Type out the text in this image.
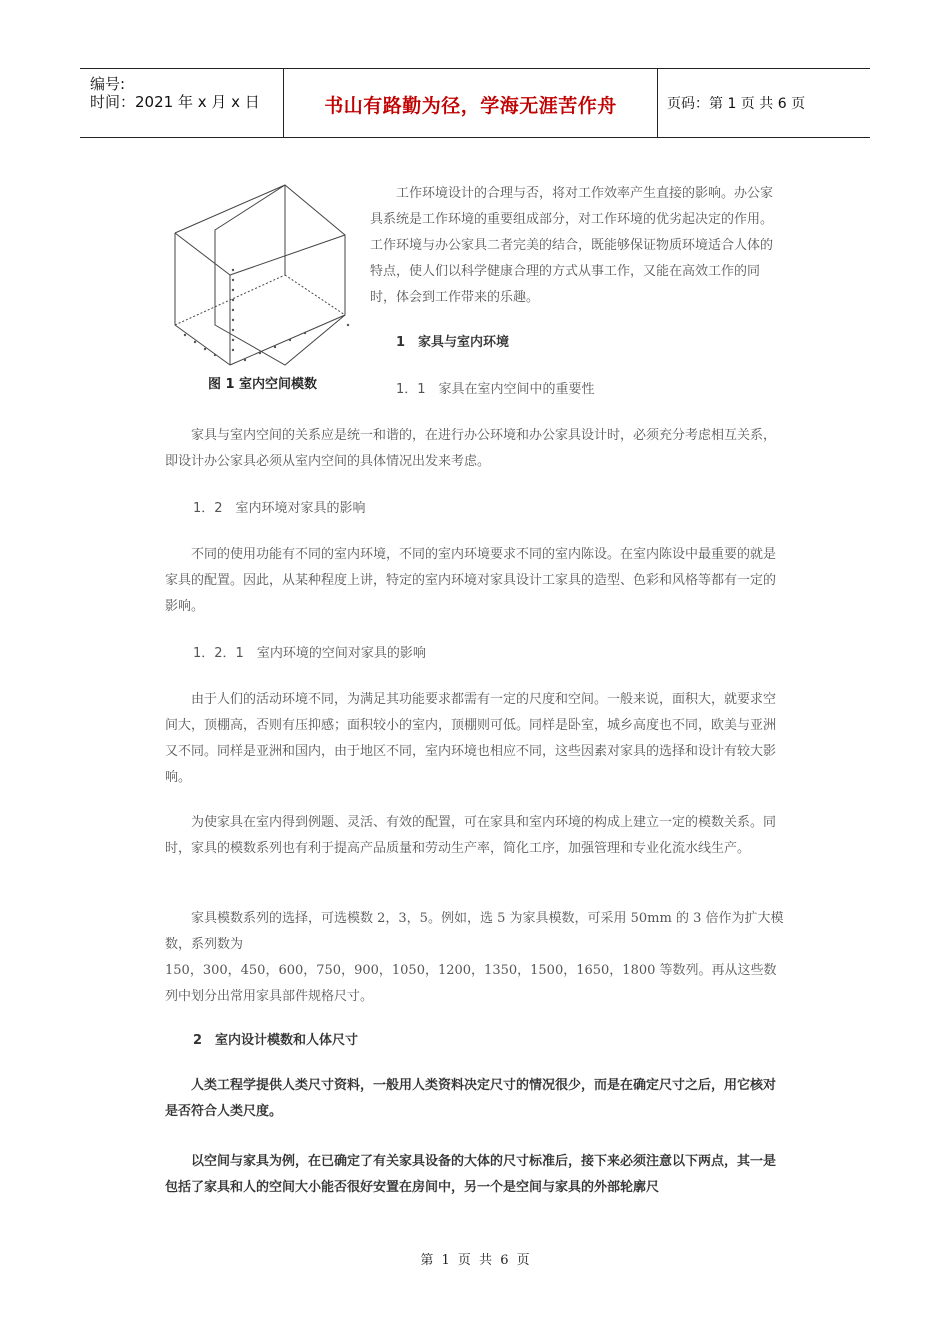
编号:
时间：2021 年 x 月 x 日	书山有路勤为径，学海无涯苦作舟	页码：第 1 页 共 6 页
图 1 室内空间模数

工作环境设计的合理与否，将对工作效率产生直接的影响。办公家具系统是工作环境的重要组成部分，对工作环境的优劣起决定的作用。工作环境与办公家具二者完美的结合，既能够保证物质环境适合人体的特点，使人们以科学健康合理的方式从事工作，又能在高效工作的同时，体会到工作带来的乐趣。

1　家具与室内环境
1．1　家具在室内空间中的重要性

家具与室内空间的关系应是统一和谐的，在进行办公环境和办公家具设计时，必须充分考虑相互关系，即设计办公家具必须从室内空间的具体情况出发来考虑。

1．2　室内环境对家具的影响

不同的使用功能有不同的室内环境，不同的室内环境要求不同的室内陈设。在室内陈设中最重要的就是家具的配置。因此，从某种程度上讲，特定的室内环境对家具设计工家具的造型、色彩和风格等都有一定的影响。

1．2．1　室内环境的空间对家具的影响

由于人们的活动环境不同，为满足其功能要求都需有一定的尺度和空间。一般来说，面积大，就要求空间大，顶棚高，否则有压抑感；面积较小的室内，顶棚则可低。同样是卧室，城乡高度也不同，欧美与亚洲又不同。同样是亚洲和国内，由于地区不同，室内环境也相应不同，这些因素对家具的选择和设计有较大影响。

为使家具在室内得到例题、灵活、有效的配置，可在家具和室内环境的构成上建立一定的模数关系。同时，家具的模数系列也有利于提高产品质量和劳动生产率，简化工序，加强管理和专业化流水线生产。

家具模数系列的选择，可选模数 2，3，5。例如，选 5 为家具模数，可采用 50mm 的 3 倍作为扩大模数，系列数为

150，300，450，600，750，900，1050，1200，1350，1500，1650，1800 等数列。再从这些数列中划分出常用家具部件规格尺寸。

2　室内设计模数和人体尺寸

人类工程学提供人类尺寸资料，一般用人类资料决定尺寸的情况很少，而是在确定尺寸之后，用它核对是否符合人类尺度。

以空间与家具为例，在已确定了有关家具设备的大体的尺寸标准后，接下来必须注意以下两点，其一是包括了家具和人的空间大小能否很好安置在房间中，另一个是空间与家具的外部轮廓尺

第 1 页 共 6 页
